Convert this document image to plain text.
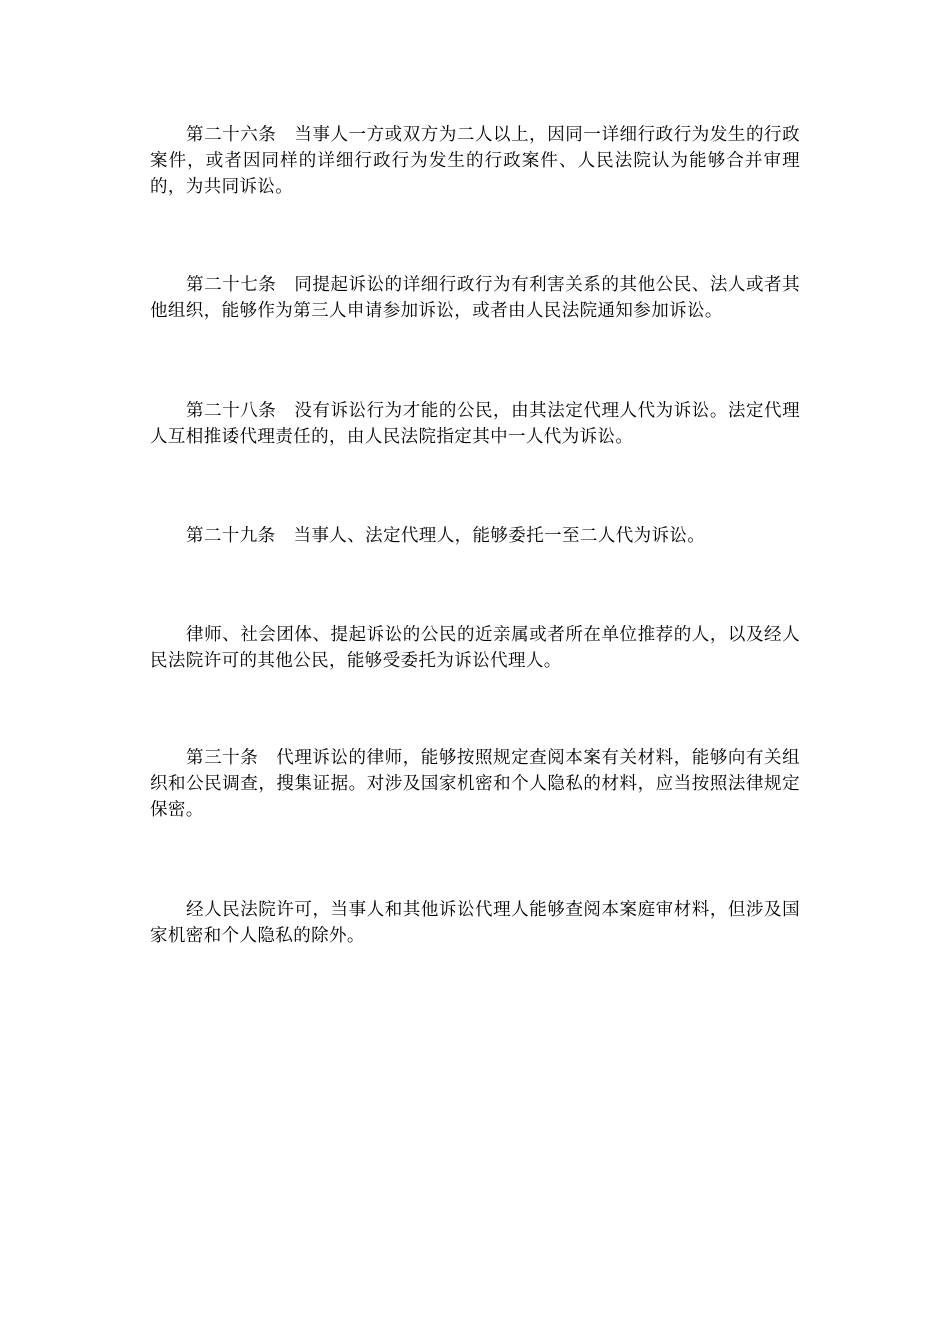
第二十六条 当事人一方或双方为二人以上，因同一详细行政行为发生的行政案件，或者因同样的详细行政行为发生的行政案件、人民法院认为能够合并审理的，为共同诉讼。

第二十七条 同提起诉讼的详细行政行为有利害关系的其他公民、法人或者其他组织，能够作为第三人申请参加诉讼，或者由人民法院通知参加诉讼。

第二十八条 没有诉讼行为才能的公民，由其法定代理人代为诉讼。法定代理人互相推诿代理责任的，由人民法院指定其中一人代为诉讼。

第二十九条 当事人、法定代理人，能够委托一至二人代为诉讼。

律师、社会团体、提起诉讼的公民的近亲属或者所在单位推荐的人，以及经人民法院许可的其他公民，能够受委托为诉讼代理人。

第三十条 代理诉讼的律师，能够按照规定查阅本案有关材料，能够向有关组织和公民调查，搜集证据。对涉及国家机密和个人隐私的材料，应当按照法律规定保密。

经人民法院许可，当事人和其他诉讼代理人能够查阅本案庭审材料，但涉及国家机密和个人隐私的除外。
